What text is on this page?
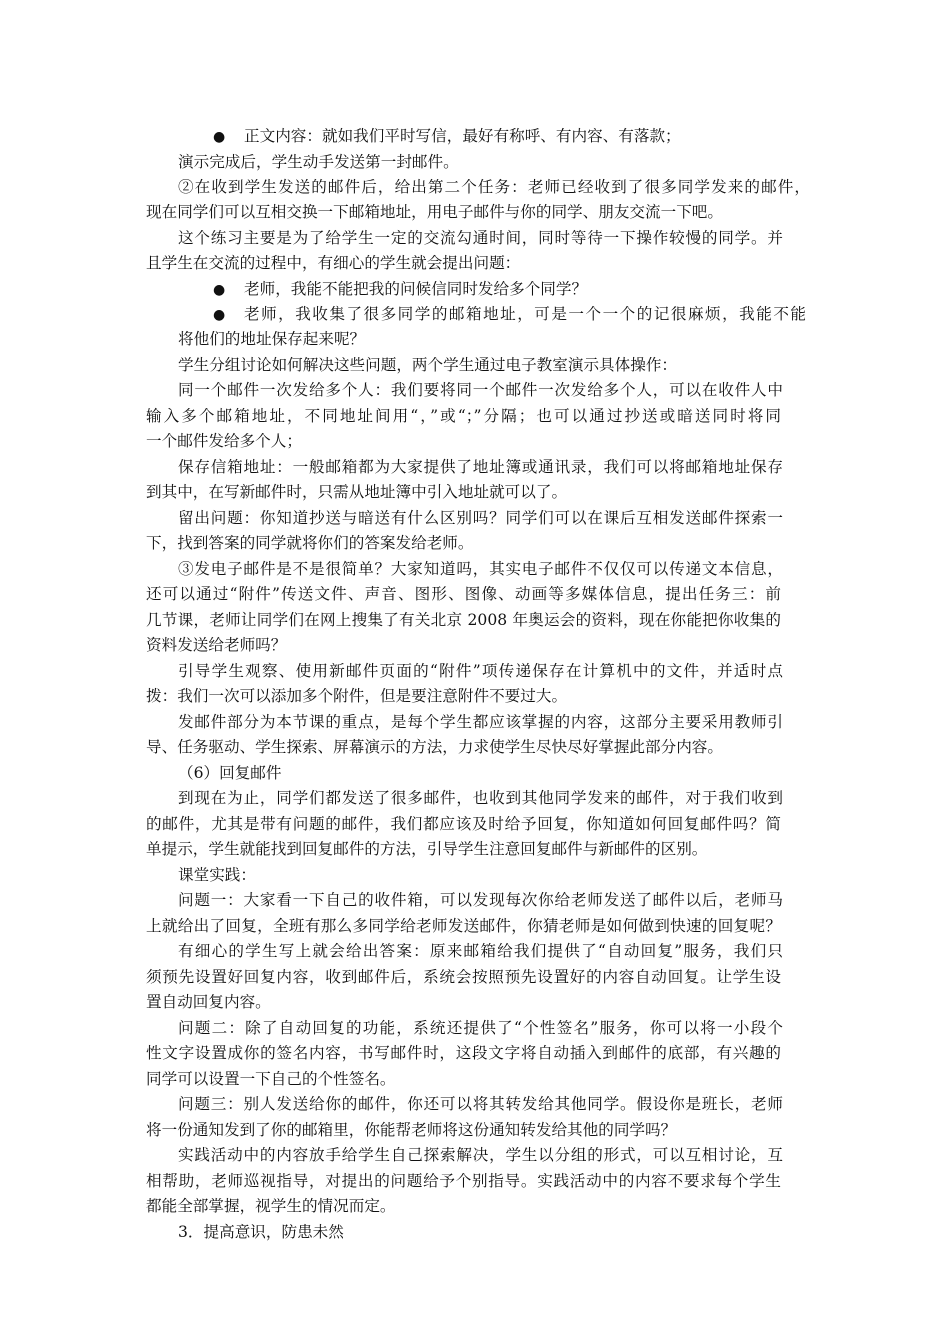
● 正文内容：就如我们平时写信，最好有称呼、有内容、有落款；
演示完成后，学生动手发送第一封邮件。
②在收到学生发送的邮件后，给出第二个任务：老师已经收到了很多同学发来的邮件，
现在同学们可以互相交换一下邮箱地址，用电子邮件与你的同学、朋友交流一下吧。
这个练习主要是为了给学生一定的交流勾通时间，同时等待一下操作较慢的同学。并
且学生在交流的过程中，有细心的学生就会提出问题：
● 老师，我能不能把我的问候信同时发给多个同学？
● 老师，我收集了很多同学的邮箱地址，可是一个一个的记很麻烦，我能不能
将他们的地址保存起来呢？
学生分组讨论如何解决这些问题，两个学生通过电子教室演示具体操作：
同一个邮件一次发给多个人：我们要将同一个邮件一次发给多个人，可以在收件人中
输入多个邮箱地址，不同地址间用“，”或“；”分隔；也可以通过抄送或暗送同时将同
一个邮件发给多个人；
保存信箱地址：一般邮箱都为大家提供了地址簿或通讯录，我们可以将邮箱地址保存
到其中，在写新邮件时，只需从地址簿中引入地址就可以了。
留出问题：你知道抄送与暗送有什么区别吗？同学们可以在课后互相发送邮件探索一
下，找到答案的同学就将你们的答案发给老师。
③发电子邮件是不是很简单？大家知道吗，其实电子邮件不仅仅可以传递文本信息，
还可以通过“附件”传送文件、声音、图形、图像、动画等多媒体信息，提出任务三：前
几节课，老师让同学们在网上搜集了有关北京 2008 年奥运会的资料，现在你能把你收集的
资料发送给老师吗？
引导学生观察、使用新邮件页面的“附件”项传递保存在计算机中的文件，并适时点
拨：我们一次可以添加多个附件，但是要注意附件不要过大。
发邮件部分为本节课的重点，是每个学生都应该掌握的内容，这部分主要采用教师引
导、任务驱动、学生探索、屏幕演示的方法，力求使学生尽快尽好掌握此部分内容。
（6）回复邮件
到现在为止，同学们都发送了很多邮件，也收到其他同学发来的邮件，对于我们收到
的邮件，尤其是带有问题的邮件，我们都应该及时给予回复，你知道如何回复邮件吗？简
单提示，学生就能找到回复邮件的方法，引导学生注意回复邮件与新邮件的区别。
课堂实践：
问题一：大家看一下自己的收件箱，可以发现每次你给老师发送了邮件以后，老师马
上就给出了回复，全班有那么多同学给老师发送邮件，你猜老师是如何做到快速的回复呢？
有细心的学生写上就会给出答案：原来邮箱给我们提供了“自动回复”服务，我们只
须预先设置好回复内容，收到邮件后，系统会按照预先设置好的内容自动回复。让学生设
置自动回复内容。
问题二：除了自动回复的功能，系统还提供了“个性签名”服务，你可以将一小段个
性文字设置成你的签名内容，书写邮件时，这段文字将自动插入到邮件的底部，有兴趣的
同学可以设置一下自己的个性签名。
问题三：别人发送给你的邮件，你还可以将其转发给其他同学。假设你是班长，老师
将一份通知发到了你的邮箱里，你能帮老师将这份通知转发给其他的同学吗？
实践活动中的内容放手给学生自己探索解决，学生以分组的形式，可以互相讨论，互
相帮助，老师巡视指导，对提出的问题给予个别指导。实践活动中的内容不要求每个学生
都能全部掌握，视学生的情况而定。
3．提高意识，防患未然
